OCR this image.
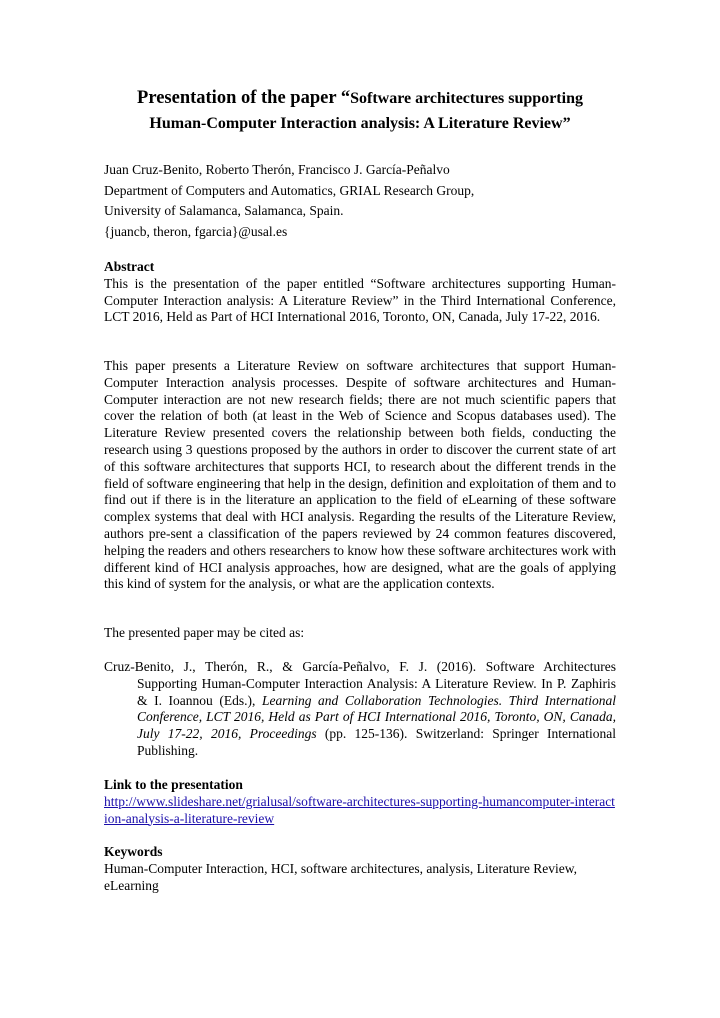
Presentation of the paper “Software architectures supporting
Human-Computer Interaction analysis: A Literature Review”
Juan Cruz-Benito, Roberto Therón, Francisco J. García-Peñalvo
Department of Computers and Automatics, GRIAL Research Group,
University of Salamanca, Salamanca, Spain.
{juancb, theron, fgarcia}@usal.es
Abstract
This is the presentation of the paper entitled “Software architectures supporting Human-Computer Interaction analysis: A Literature Review” in the Third International Conference, LCT 2016, Held as Part of HCI International 2016, Toronto, ON, Canada, July 17-22, 2016.
This paper presents a Literature Review on software architectures that support Human-Computer Interaction analysis processes. Despite of software architectures and Human-Computer interaction are not new research fields; there are not much scientific papers that cover the relation of both (at least in the Web of Science and Scopus databases used). The Literature Review presented covers the relationship between both fields, conducting the research using 3 questions proposed by the authors in order to discover the current state of art of this software architectures that supports HCI, to research about the different trends in the field of software engineering that help in the design, definition and exploitation of them and to find out if there is in the literature an application to the field of eLearning of these software complex systems that deal with HCI analysis. Regarding the results of the Literature Review, authors pre-sent a classification of the papers reviewed by 24 common features discovered, helping the readers and others researchers to know how these software architectures work with different kind of HCI analysis approaches, how are designed, what are the goals of applying this kind of system for the analysis, or what are the application contexts.
The presented paper may be cited as:
Cruz-Benito, J., Therón, R., & García-Peñalvo, F. J. (2016). Software Architectures Supporting Human-Computer Interaction Analysis: A Literature Review. In P. Zaphiris & I. Ioannou (Eds.), Learning and Collaboration Technologies. Third International Conference, LCT 2016, Held as Part of HCI International 2016, Toronto, ON, Canada, July 17-22, 2016, Proceedings (pp. 125-136). Switzerland: Springer International Publishing.
Link to the presentation
http://www.slideshare.net/grialusal/software-architectures-supporting-humancomputer-interaction-analysis-a-literature-review
Keywords
Human-Computer Interaction, HCI, software architectures, analysis, Literature Review, eLearning
